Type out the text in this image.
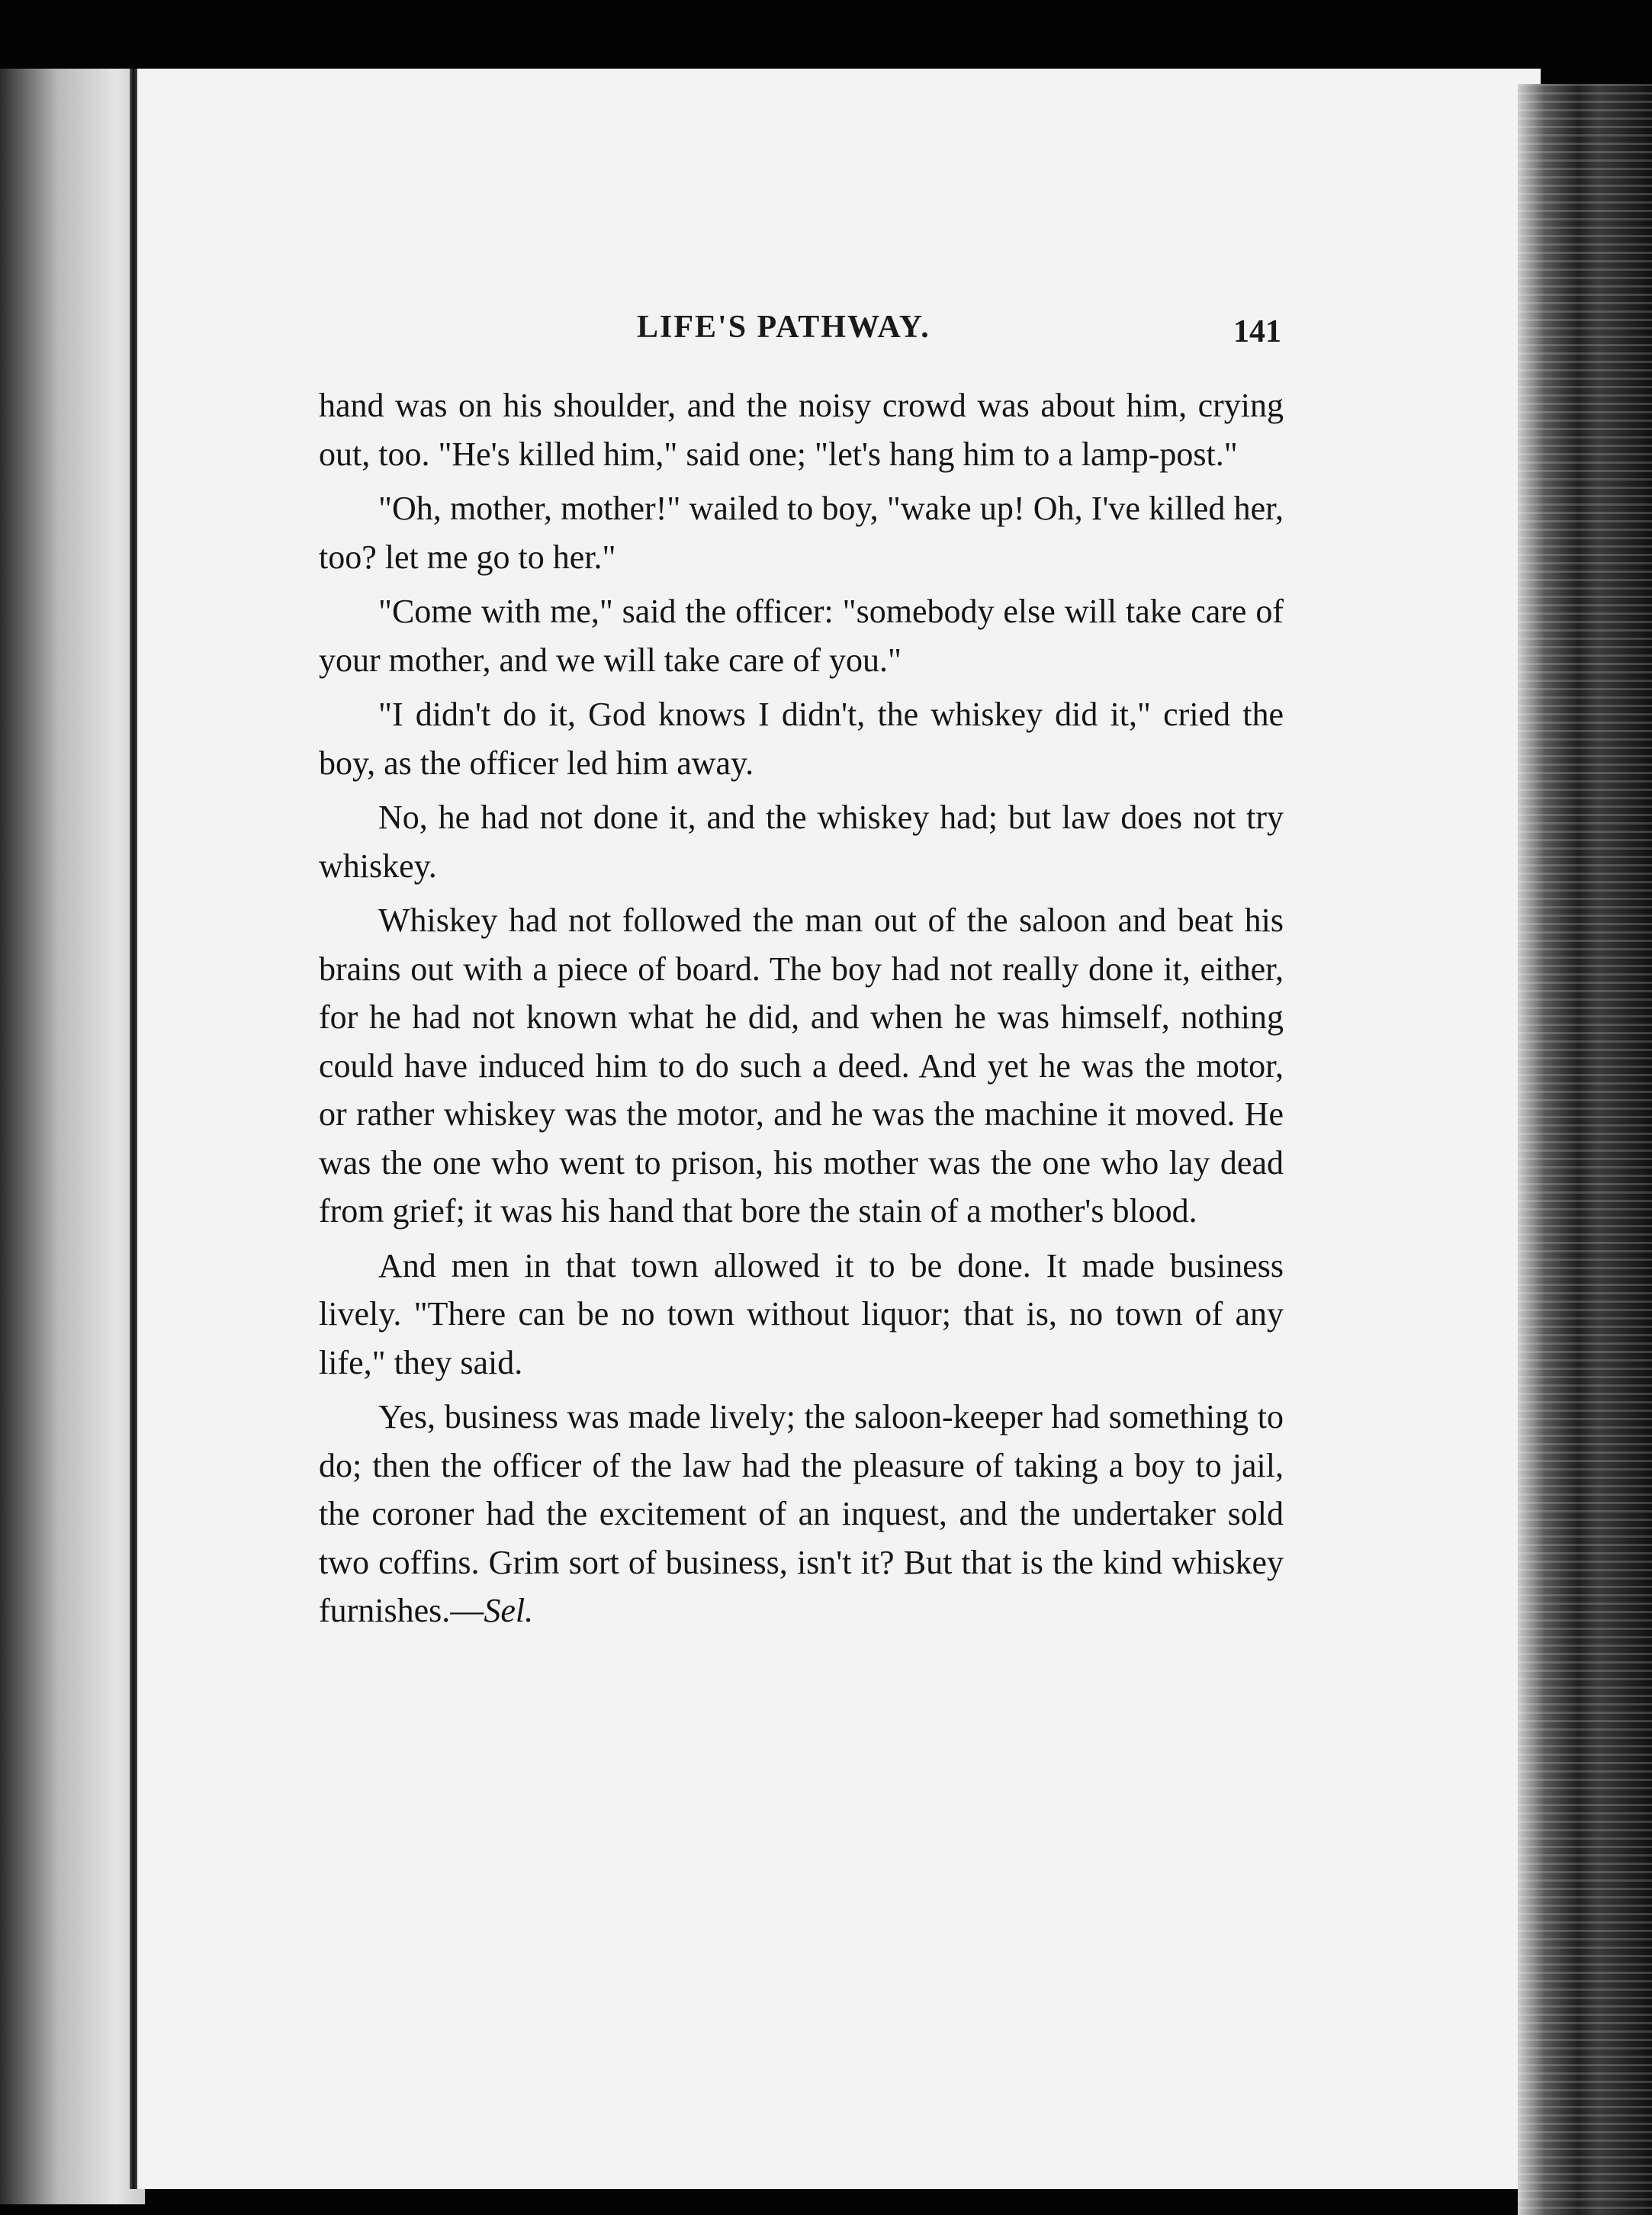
LIFE'S PATHWAY.	141

hand was on his shoulder, and the noisy crowd was about him, crying out, too. "He's killed him," said one; "let's hang him to a lamp-post."

"Oh, mother, mother!" wailed to boy, "wake up! Oh, I've killed her, too? let me go to her."

"Come with me," said the officer: "somebody else will take care of your mother, and we will take care of you."

"I didn't do it, God knows I didn't, the whiskey did it," cried the boy, as the officer led him away.

No, he had not done it, and the whiskey had; but law does not try whiskey.

Whiskey had not followed the man out of the saloon and beat his brains out with a piece of board. The boy had not really done it, either, for he had not known what he did, and when he was himself, nothing could have induced him to do such a deed. And yet he was the motor, or rather whiskey was the motor, and he was the machine it moved. He was the one who went to prison, his mother was the one who lay dead from grief; it was his hand that bore the stain of a mother's blood.

And men in that town allowed it to be done. It made business lively. "There can be no town without liquor; that is, no town of any life," they said.

Yes, business was made lively; the saloon-keeper had something to do; then the officer of the law had the pleasure of taking a boy to jail, the coroner had the excitement of an inquest, and the undertaker sold two coffins. Grim sort of business, isn't it? But that is the kind whiskey furnishes.—Sel.
